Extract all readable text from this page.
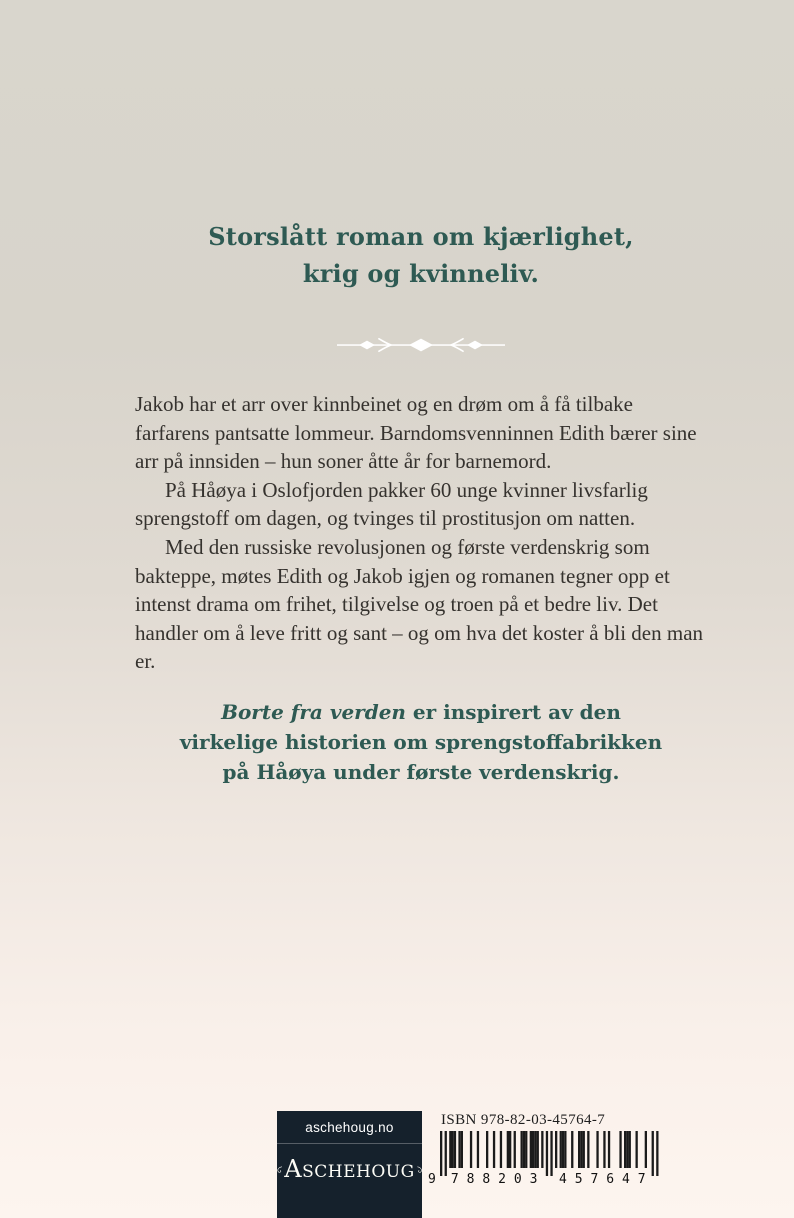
Storslått roman om kjærlighet,
krig og kvinneliv.

Jakob har et arr over kinnbeinet og en drøm om å få tilbake farfarens pantsatte lommeur. Barndomsvenninnen Edith bærer sine arr på innsiden – hun soner åtte år for barnemord.

På Håøya i Oslofjorden pakker 60 unge kvinner livsfarlig sprengstoff om dagen, og tvinges til prostitusjon om natten.

Med den russiske revolusjonen og første verdenskrig som bakteppe, møtes Edith og Jakob igjen og romanen tegner opp et intenst drama om frihet, tilgivelse og troen på et bedre liv. Det handler om å leve fritt og sant – og om hva det koster å bli den man er.

Borte fra verden er inspirert av den
virkelige historien om sprengstoffabrikken
på Håøya under første verdenskrig.
aschehoug.no
ASCHEHOUG
ISBN 978-82-03-45764-7
9 788203 457647
